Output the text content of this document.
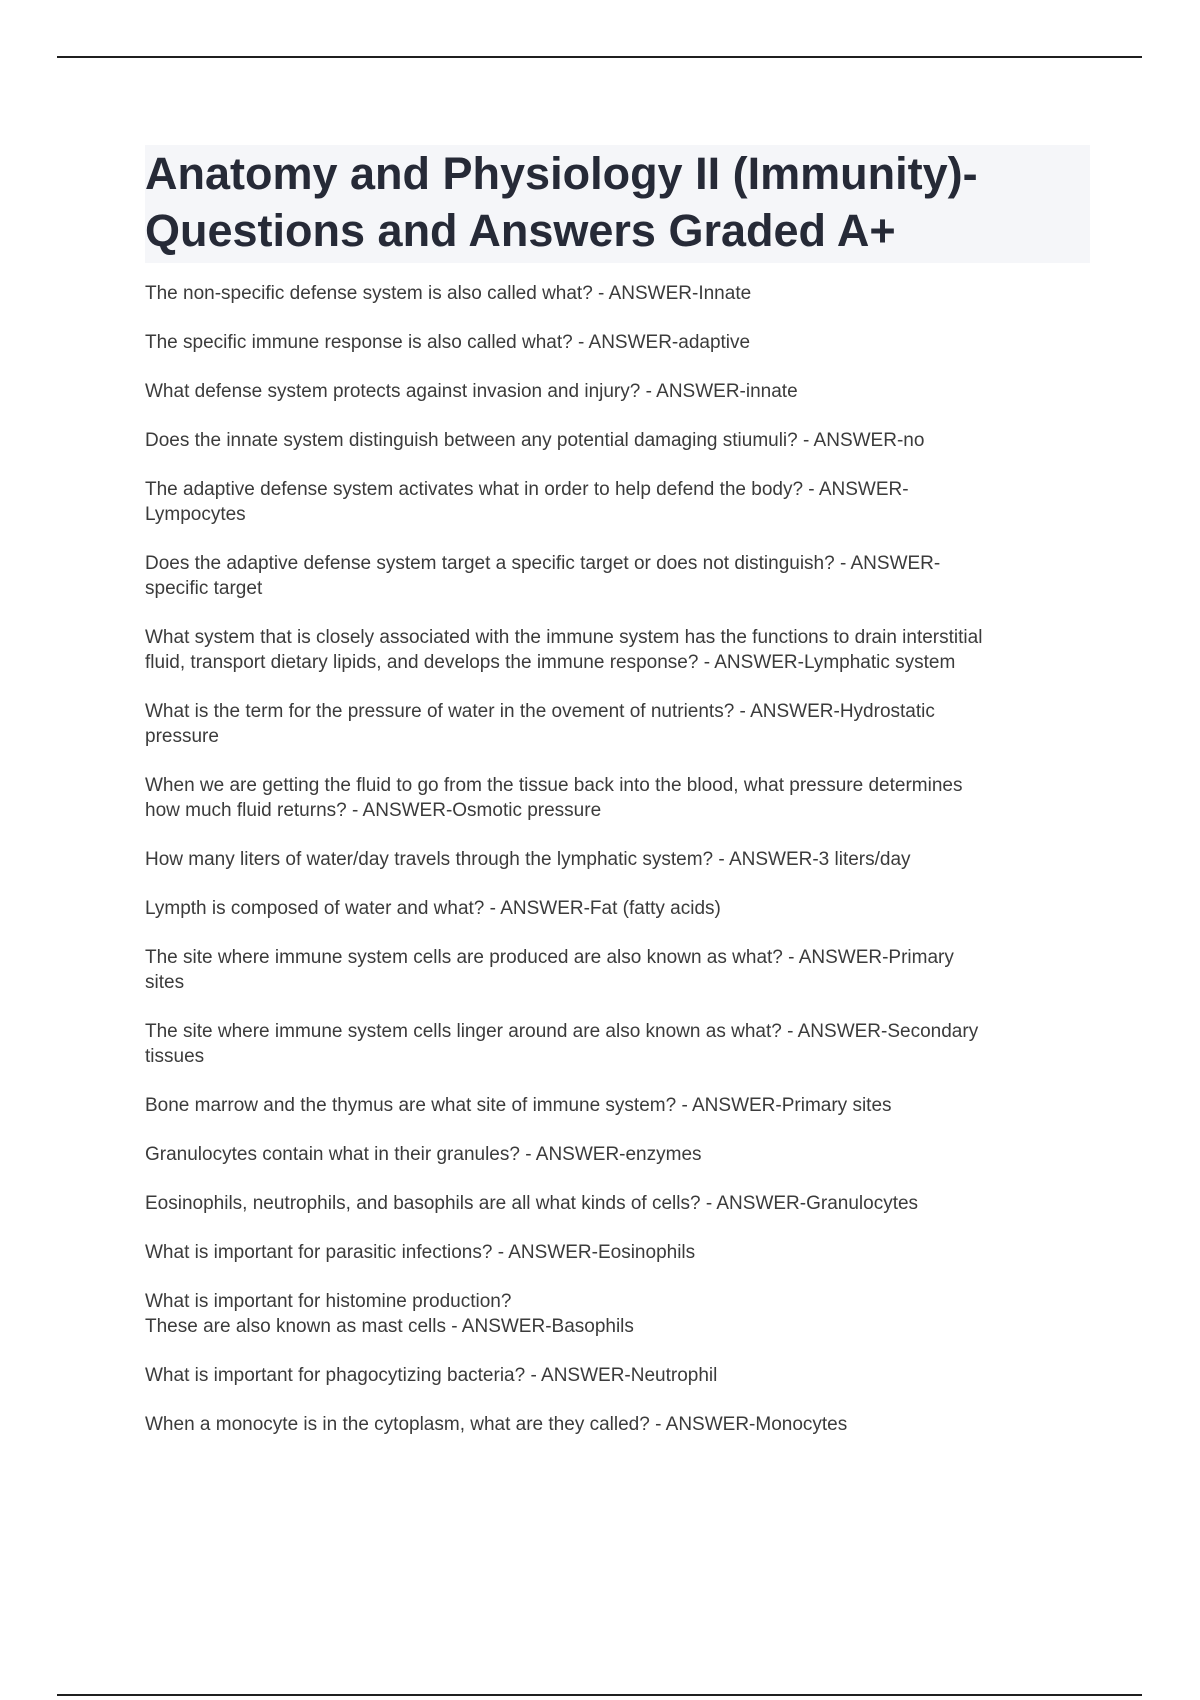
Anatomy and Physiology II (Immunity)- Questions and Answers Graded A+
The non-specific defense system is also called what? - ANSWER-Innate
The specific immune response is also called what? - ANSWER-adaptive
What defense system protects against invasion and injury? - ANSWER-innate
Does the innate system distinguish between any potential damaging stiumuli? - ANSWER-no
The adaptive defense system activates what in order to help defend the body? - ANSWER-
Lympocytes
Does the adaptive defense system target a specific target or does not distinguish? - ANSWER-
specific target
What system that is closely associated with the immune system has the functions to drain interstitial
fluid, transport dietary lipids, and develops the immune response? - ANSWER-Lymphatic system
What is the term for the pressure of water in the ovement of nutrients? - ANSWER-Hydrostatic
pressure
When we are getting the fluid to go from the tissue back into the blood, what pressure determines
how much fluid returns? - ANSWER-Osmotic pressure
How many liters of water/day travels through the lymphatic system? - ANSWER-3 liters/day
Lympth is composed of water and what? - ANSWER-Fat (fatty acids)
The site where immune system cells are produced are also known as what? - ANSWER-Primary
sites
The site where immune system cells linger around are also known as what? - ANSWER-Secondary
tissues
Bone marrow and the thymus are what site of immune system? - ANSWER-Primary sites
Granulocytes contain what in their granules? - ANSWER-enzymes
Eosinophils, neutrophils, and basophils are all what kinds of cells? - ANSWER-Granulocytes
What is important for parasitic infections? - ANSWER-Eosinophils
What is important for histomine production?
These are also known as mast cells - ANSWER-Basophils
What is important for phagocytizing bacteria? - ANSWER-Neutrophil
When a monocyte is in the cytoplasm, what are they called? - ANSWER-Monocytes
